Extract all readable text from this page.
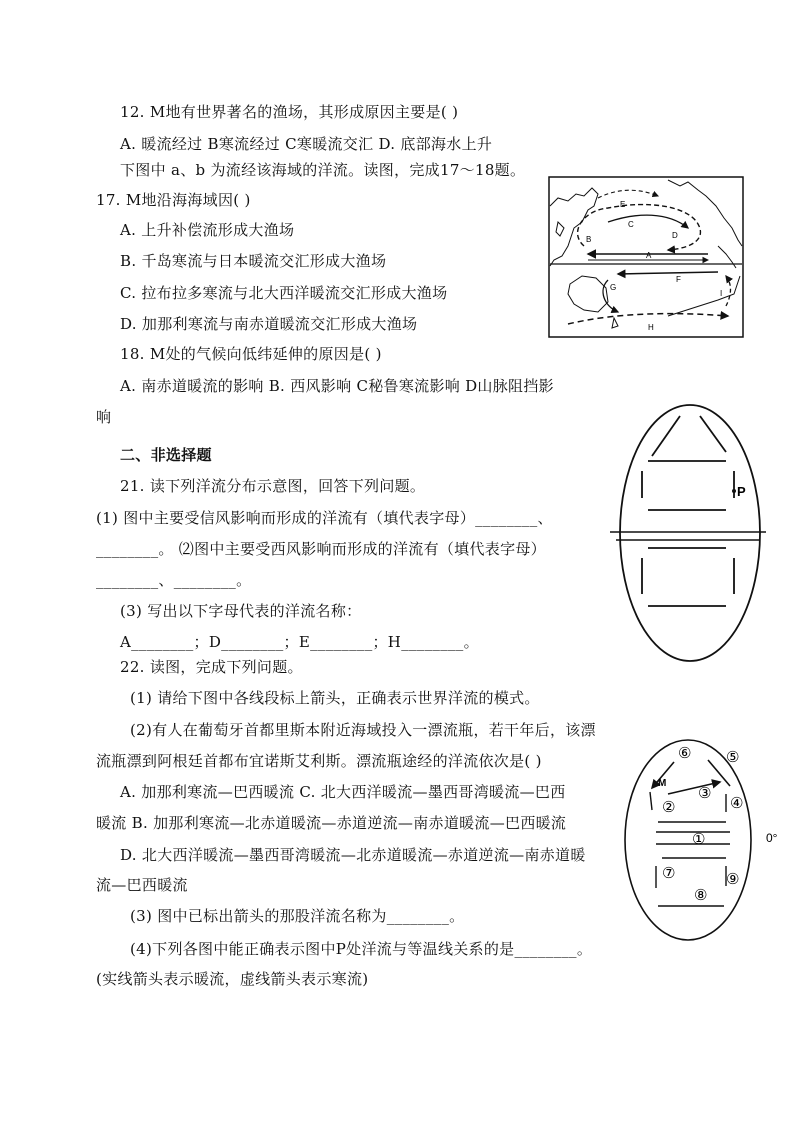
12. M地有世界著名的渔场，其形成原因主要是( )
A. 暖流经过 B寒流经过 C寒暖流交汇 D. 底部海水上升
下图中 a、b 为流经该海域的洋流。读图，完成17～18题。
17. M地沿海海域因( )
A. 上升补偿流形成大渔场
B. 千岛寒流与日本暖流交汇形成大渔场
C. 拉布拉多寒流与北大西洋暖流交汇形成大渔场
D. 加那利寒流与南赤道暖流交汇形成大渔场
18. M处的气候向低纬延伸的原因是( )
A. 南赤道暖流的影响 B. 西风影响 C秘鲁寒流影响 D山脉阻挡影
响
二、非选择题
21. 读下列洋流分布示意图，回答下列问题。
(1) 图中主要受信风影响而形成的洋流有（填代表字母）________、
________。 ⑵图中主要受西风影响而形成的洋流有（填代表字母）
________、________。
(3) 写出以下字母代表的洋流名称：
A________；D________；E________；H________。
22. 读图，完成下列问题。
(1) 请给下图中各线段标上箭头，正确表示世界洋流的模式。
(2)有人在葡萄牙首都里斯本附近海域投入一漂流瓶，若干年后，该漂
流瓶漂到阿根廷首都布宜诺斯艾利斯。漂流瓶途经的洋流依次是( )
A. 加那利寒流—巴西暖流 C. 北大西洋暖流—墨西哥湾暖流—巴西
暖流 B. 加那利寒流—北赤道暖流—赤道逆流—南赤道暖流—巴西暖流
D. 北大西洋暖流—墨西哥湾暖流—北赤道暖流—赤道逆流—南赤道暖
流—巴西暖流
(3) 图中已标出箭头的那股洋流名称为________。
(4)下列各图中能正确表示图中P处洋流与等温线关系的是________。
(实线箭头表示暖流，虚线箭头表示寒流)
E
C
B	D
A
F
G
I
H
P
M
⑥ ⑤
②
③
④
①
⑦
⑧
⑨
0°
